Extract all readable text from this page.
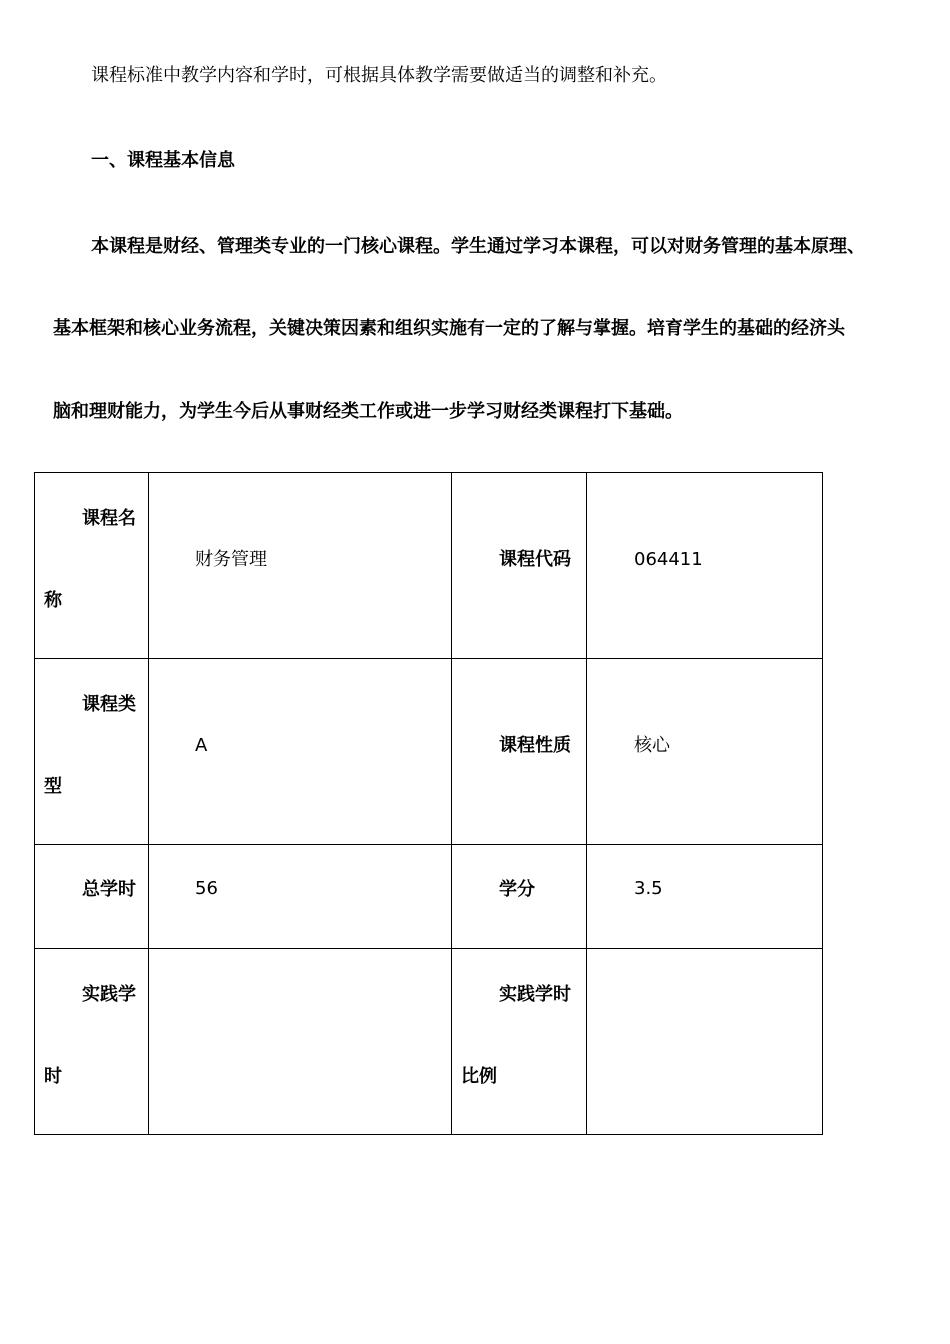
课程标准中教学内容和学时，可根据具体教学需要做适当的调整和补充。
一、课程基本信息
本课程是财经、管理类专业的一门核心课程。学生通过学习本课程，可以对财务管理的基本原理、
基本框架和核心业务流程，关键决策因素和组织实施有一定的了解与掌握。培育学生的基础的经济头
脑和理财能力，为学生今后从事财经类工作或进一步学习财经类课程打下基础。
课程名
称	财务管理	课程代码	064411

课程类
型	A	课程性质	核心

总学时	56	学分	3.5

实践学
时		实践学时
比例	
